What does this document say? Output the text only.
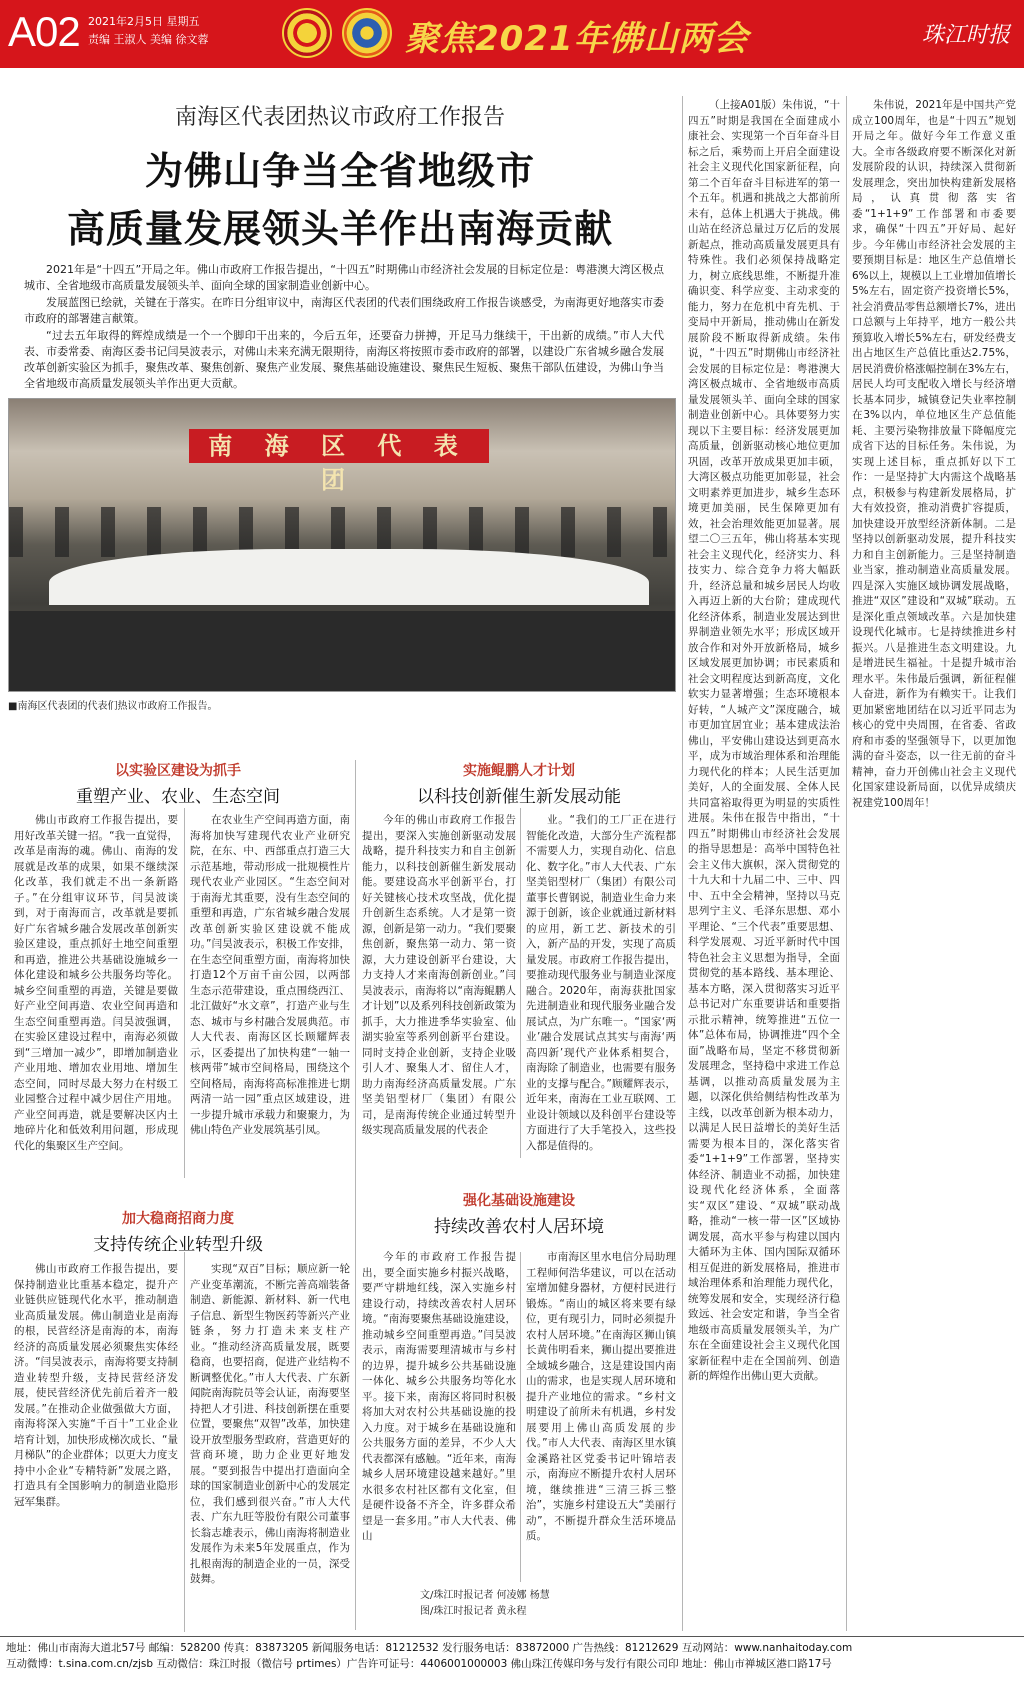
A02 2021年2月5日 星期五
责编 王淑人 美编 徐文蓉	聚焦2021年佛山两会	珠江时报
南海区代表团热议市政府工作报告
为佛山争当全省地级市
高质量发展领头羊作出南海贡献

2021年是“十四五”开局之年。佛山市政府工作报告提出，“十四五”时期佛山市经济社会发展的目标定位是：粤港澳大湾区极点城市、全省地级市高质量发展领头羊、面向全球的国家制造业创新中心。

发展蓝图已绘就，关键在于落实。在昨日分组审议中，南海区代表团的代表们围绕政府工作报告谈感受，为南海更好地落实市委市政府的部署建言献策。

“过去五年取得的辉煌成绩是一个一个脚印干出来的，今后五年，还要奋力拼搏，开足马力继续干，干出新的成绩。”市人大代表、市委常委、南海区委书记闫昊波表示，对佛山未来充满无限期待，南海区将按照市委市政府的部署，以建设广东省城乡融合发展改革创新实验区为抓手，聚焦改革、聚焦创新、聚焦产业发展、聚焦基础设施建设、聚焦民生短板、聚焦干部队伍建设，为佛山争当全省地级市高质量发展领头羊作出更大贡献。

南 海 区 代 表 团
■南海区代表团的代表们热议市政府工作报告。
以实验区建设为抓手
重塑产业、农业、生态空间

佛山市政府工作报告提出，要用好改革关键一招。“我一直觉得，改革是南海的魂。佛山、南海的发展就是改革的成果，如果不继续深化改革，我们就走不出一条新路子。”在分组审议环节，闫昊波谈到，对于南海而言，改革就是要抓好广东省城乡融合发展改革创新实验区建设，重点抓好土地空间重塑和再造，推进公共基础设施城乡一体化建设和城乡公共服务均等化。城乡空间重塑的再造，关键是要做好产业空间再造、农业空间再造和生态空间重塑再造。闫昊波强调，在实验区建设过程中，南海必须做到“三增加一减少”，即增加制造业产业用地、增加农业用地、增加生态空间，同时尽最大努力在村级工业园整合过程中减少居住产用地。产业空间再造，就是要解决区内土地碎片化和低效利用问题，形成现代化的集聚区生产空间。

在农业生产空间再造方面，南海将加快写建现代农业产业研究院，在东、中、西部重点打造三大示范基地，带动形成一批规模性片现代农业产业园区。“生态空间对于南海尤其重要，没有生态空间的重塑和再造，广东省城乡融合发展改革创新实验区建设就不能成功。”闫昊波表示，积极工作安排，在生态空间重塑方面，南海将加快打造12个万亩千亩公园，以两部生态示范带建设，重点围绕西江、北江做好“水文章”，打造产业与生态、城市与乡村融合发展典范。市人大代表、南海区区长顾耀辉表示，区委提出了加快构建“一轴一核两带”城市空间格局，围绕这个空间格局，南海将高标准推进七期两清一站一园”重点区域建设，进一步提升城市承载力和聚聚力，为佛山特色产业发展筑基引凤。

实施鲲鹏人才计划
以科技创新催生新发展动能

今年的佛山市政府工作报告提出，要深入实施创新驱动发展战略，提升科技实力和自主创新能力，以科技创新催生新发展动能。要建设高水平创新平台，打好关键核心技术攻坚战，优化提升创新生态系统。人才是第一资源，创新是第一动力。“我们要聚焦创新，聚焦第一动力、第一资源，大力建设创新平台建设，大力支持人才来南海创新创业。”闫昊波表示，南海将以“南海鲲鹏人才计划”以及系列科技创新政策为抓手，大力推进季华实验室、仙湖实验室等系列创新平台建设。同时支持企业创新，支持企业吸引人才、聚集人才、留住人才，助力南海经济高质量发展。广东坚美铝型材厂（集团）有限公司，是南海传统企业通过转型升级实现高质量发展的代表企

业。“我们的工厂正在进行智能化改造，大部分生产流程都不需要人力，实现自动化、信息化、数字化。”市人大代表、广东坚美铝型材厂（集团）有限公司董事长曹钢说，制造业生命力来源于创新，该企业就通过新材料的应用，新工艺、新技术的引入，新产品的开发，实现了高质量发展。市政府工作报告提出，要推动现代服务业与制造业深度融合。2020年，南海获批国家先进制造业和现代服务业融合发展试点，为广东唯一。“国家‘两业’融合发展试点其实与南海‘两高四新’现代产业体系相契合，南海除了制造业，也需要有服务业的支撑与配合。”顾耀辉表示，近年来，南海在工业互联网、工业设计领域以及科创平台建设等方面进行了大手笔投入，这些投入都是值得的。

加大稳商招商力度
支持传统企业转型升级

佛山市政府工作报告提出，要保持制造业比重基本稳定，提升产业链供应链现代化水平，推动制造业高质量发展。佛山制造业是南海的根，民营经济是南海的本，南海经济的高质量发展必须聚焦实体经济。“闫昊波表示，南海将要支持制造业转型升级，支持民营经济发展，使民营经济优先前后着齐一般发展。”在推动企业做强做大方面，南海将深入实施“千百十”工业企业培育计划，加快形成梯次成长、“量月梯队”的企业群体；以更大力度支持中小企业“专精特新”发展之路，打造具有全国影响力的制造业隐形冠军集群。

实现“双百”目标；顺应新一轮产业变革潮流，不断完善高端装备制造、新能源、新材料、新一代电子信息、新型生物医药等新兴产业链条，努力打造未来支柱产业。“推动经济高质量发展，既要稳商，也要招商，促进产业结构不断调整优化。”市人大代表、广东新闻院南海院员等会认证，南海要坚持把人才引进、科技创新摆在重要位置，要聚焦“双智”改革，加快建设开放型服务型政府，营造更好的营商环境，助力企业更好地发展。“要到报告中提出打造面向全球的国家制造业创新中心的发展定位，我们感到很兴奋。”市人大代表、广东九旺等股份有限公司董事长翁志雄表示，佛山南海将制造业发展作为未来5年发展重点，作为扎根南海的制造企业的一员，深受鼓舞。

强化基础设施建设
持续改善农村人居环境

今年的市政府工作报告提出，要全面实施乡村振兴战略，要严守耕地红线，深入实施乡村建设行动，持续改善农村人居环境。“南海要聚焦基础设施建设，推动城乡空间重塑再造。”闫昊波表示，南海需要理清城市与乡村的边界，提升城乡公共基础设施一体化、城乡公共服务均等化水平。接下来，南海区将同时积极将加大对农村公共基础设施的投入力度。对于城乡在基础设施和公共服务方面的差异，不少人大代表都深有感触。“近年来，南海城乡人居环境建设越来越好。”里水很多农村社区都有文化室，但是硬件设备不齐全，许多群众希望是一套多用。”市人大代表、佛山

市南海区里水电信分局助理工程师何浩华建议，可以在活动室增加健身器材，方便村民进行锻炼。“南山的城区将来要有绿位，更有现引力，同时必须提升农村人居环境。”在南海区狮山镇长黄伟明看来，狮山提出要推进全域城乡融合，这是建设国内南山的需求，也是实现人居环境和提升产业地位的需求。“乡村文明建设了前所未有机遇，乡村发展要用上佛山高质发展的步伐。”市人大代表、南海区里水镇金溪路社区党委书记叶锦培表示，南海应不断提升农村人居环境，继续推进“三清三拆三整治”，实施乡村建设五大“美丽行动”，不断提升群众生活环境品质。

文/珠江时报记者 何凌娜 杨慧
图/珠江时报记者 黄永程

（上接A01版）朱伟说，“十四五”时期是我国在全面建成小康社会、实现第一个百年奋斗目标之后，乘势而上开启全面建设社会主义现代化国家新征程，向第二个百年奋斗目标进军的第一个五年。机遇和挑战之大都前所未有，总体上机遇大于挑战。佛山站在经济总量过万亿后的发展新起点，推动高质量发展更具有特殊性。我们必须保持战略定力，树立底线思维，不断提升准确识变、科学应变、主动求变的能力，努力在危机中育先机、于变局中开新局，推动佛山在新发展阶段不断取得新成绩。朱伟说，“十四五”时期佛山市经济社会发展的目标定位是：粤港澳大湾区极点城市、全省地级市高质量发展领头羊、面向全球的国家制造业创新中心。具体要努力实现以下主要目标：经济发展更加高质量，创新驱动核心地位更加巩固，改革开放成果更加丰硕，大湾区极点功能更加彰显，社会文明素养更加进步，城乡生态环境更加美丽，民生保障更加有效，社会治理效能更加显著。展望二〇三五年，佛山将基本实现社会主义现代化，经济实力、科技实力、综合竞争力将大幅跃升，经济总量和城乡居民人均收入再迈上新的大台阶；建成现代化经济体系，制造业发展达到世界制造业领先水平；形成区域开放合作和对外开放新格局，城乡区域发展更加协调；市民素质和社会文明程度达到新高度，文化软实力显著增强；生态环境根本好转，“人城产文”深度融合，城市更加宜居宜业；基本建成法治佛山，平安佛山建设达到更高水平，成为市域治理体系和治理能力现代化的样本；人民生活更加美好，人的全面发展、全体人民共同富裕取得更为明显的实质性进展。朱伟在报告中指出，“十四五”时期佛山市经济社会发展的指导思想是：高举中国特色社会主义伟大旗帜，深入贯彻党的十九大和十九届二中、三中、四中、五中全会精神，坚持以马克思列宁主义、毛泽东思想、邓小平理论、“三个代表”重要思想、科学发展观、习近平新时代中国特色社会主义思想为指导，全面贯彻党的基本路线、基本理论、基本方略，深入贯彻落实习近平总书记对广东重要讲话和重要指示批示精神，统筹推进“五位一体”总体布局，协调推进“四个全面”战略布局，坚定不移贯彻新发展理念，坚持稳中求进工作总基调，以推动高质量发展为主题，以深化供给侧结构性改革为主线，以改革创新为根本动力，以满足人民日益增长的美好生活需要为根本目的，深化落实省委“1+1+9”工作部署，坚持实体经济、制造业不动摇，加快建设现代化经济体系，全面落实“双区”建设、“双城”联动战略，推动“一核一带一区”区域协调发展，高水平参与构建以国内大循环为主体、国内国际双循环相互促进的新发展格局，推进市域治理体系和治理能力现代化，统筹发展和安全，实现经济行稳致远、社会安定和谐，争当全省地级市高质量发展领头羊，为广东在全面建设社会主义现代化国家新征程中走在全国前列、创造新的辉煌作出佛山更大贡献。

朱伟说，2021年是中国共产党成立100周年，也是“十四五”规划开局之年。做好今年工作意义重大。全市各级政府要不断深化对新发展阶段的认识，持续深入贯彻新发展理念，突出加快构建新发展格局，认真贯彻落实省委“1+1+9”工作部署和市委要求，确保“十四五”开好局、起好步。今年佛山市经济社会发展的主要预期目标是：地区生产总值增长6%以上，规模以上工业增加值增长5%左右，固定资产投资增长5%，社会消费品零售总额增长7%，进出口总额与上年持平，地方一般公共预算收入增长5%左右，研发经费支出占地区生产总值比重达2.75%，居民消费价格涨幅控制在3%左右，居民人均可支配收入增长与经济增长基本同步，城镇登记失业率控制在3%以内，单位地区生产总值能耗、主要污染物排放量下降幅度完成省下达的目标任务。朱伟说，为实现上述目标，重点抓好以下工作：一是坚持扩大内需这个战略基点，积极参与构建新发展格局，扩大有效投资，推动消费扩容提质，加快建设开放型经济新体制。二是坚持以创新驱动发展，提升科技实力和自主创新能力。三是坚持制造业当家，推动制造业高质量发展。四是深入实施区域协调发展战略，推进“双区”建设和“双城”联动。五是深化重点领域改革。六是加快建设现代化城市。七是持续推进乡村振兴。八是推进生态文明建设。九是增进民生福祉。十是提升城市治理水平。朱伟最后强调，新征程催人奋进，新作为有赖实干。让我们更加紧密地团结在以习近平同志为核心的党中央周围，在省委、省政府和市委的坚强领导下，以更加饱满的奋斗姿态，以一往无前的奋斗精神，奋力开创佛山社会主义现代化国家建设新局面，以优异成绩庆祝建党100周年！

地址：佛山市南海大道北57号 邮编：528200 传真：83873205 新闻服务电话：81212532 发行服务电话：83872000 广告热线：81212629 互动网站：www.nanhaitoday.com
互动微博：t.sina.com.cn/zjsb 互动微信：珠江时报（微信号 prtimes）广告许可证号：4406001000003 佛山珠江传媒印务与发行有限公司印 地址：佛山市禅城区港口路17号
